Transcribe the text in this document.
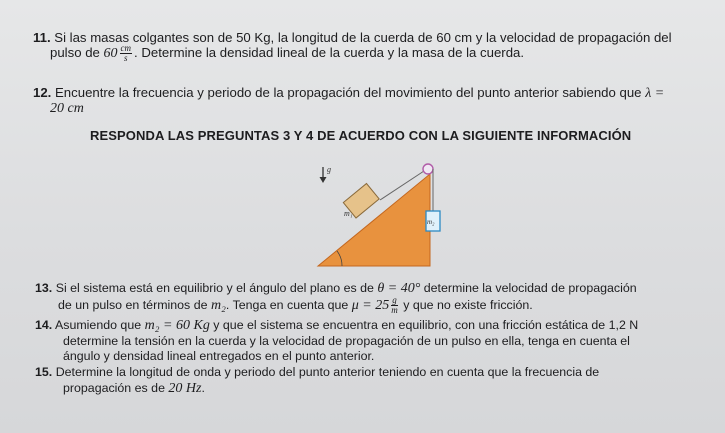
11. Si las masas colgantes son de 50 Kg, la longitud de la cuerda de 60 cm y la velocidad de propagación del
pulso de $60 \frac{cm}{s}$ . Determine la densidad lineal de la cuerda y la masa de la cuerda.
12. Encuentre la frecuencia y periodo de la propagación del movimiento del punto anterior sabiendo que λ =
20 cm
RESPONDA LAS PREGUNTAS 3 Y 4 DE ACUERDO CON LA SIGUIENTE INFORMACIÓN
g⃗
m₁
m₂
13. Si el sistema está en equilibrio y el ángulo del plano es de θ = 40° determine la velocidad de propagación
de un pulso en términos de m₂. Tenga en cuenta que $\mu = 25 \frac{g}{m}$ y que no existe fricción.
14. Asumiendo que m₂ = 60 Kg y que el sistema se encuentra en equilibrio, con una fricción estática de 1,2 N
determine la tensión en la cuerda y la velocidad de propagación de un pulso en ella, tenga en cuenta el
ángulo y densidad lineal entregados en el punto anterior.
15. Determine la longitud de onda y periodo del punto anterior teniendo en cuenta que la frecuencia de
propagación es de 20 Hz.
